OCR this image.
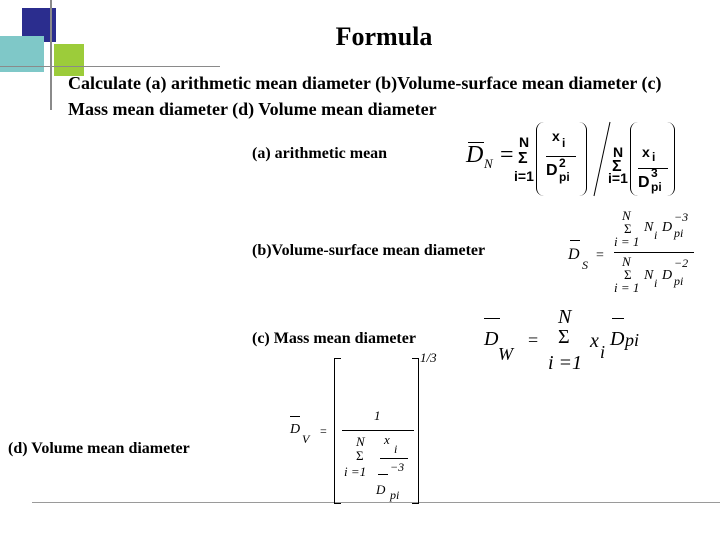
Formula
Calculate (a) arithmetic mean diameter (b)Volume-surface mean diameter (c) Mass mean diameter (d) Volume mean diameter
(a) arithmetic mean
(b)Volume-surface mean diameter
(c) Mass mean diameter
(d) Volume mean diameter
D N = N
Σ
i=1
x i
D 2
pi
N
Σ
i=1
x i
D
3
pi
D
S
=
N
Σ
i = 1
N i D pi
−3
N
Σ
i = 1
N i D pi
−2
D
W
=
N
Σ
i =1
x i
D pi
D
V
=
1/3
1
N
Σ
i =1
x
i
−3
D pi
